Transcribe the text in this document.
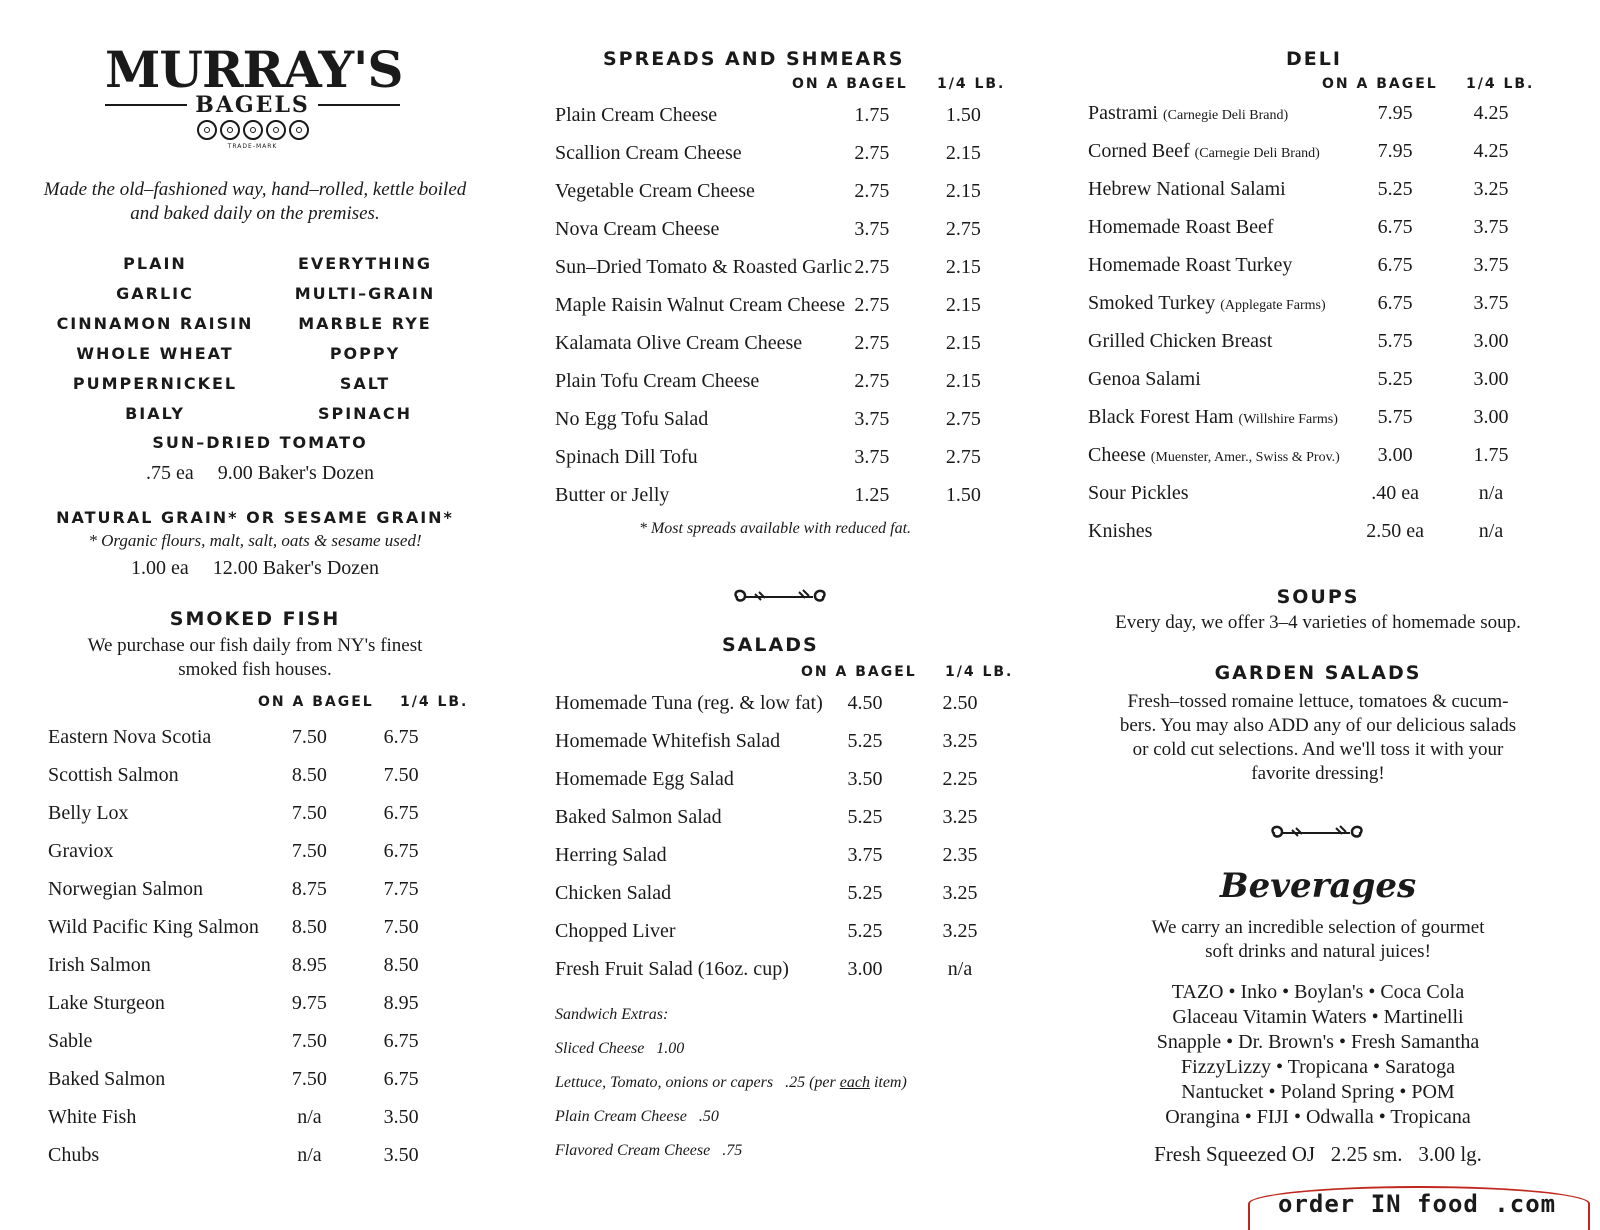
MURRAY'S
BAGELS
TRADE-MARK
Made the old–fashioned way, hand–rolled, kettle boiled and baked daily on the premises.
PLAIN	EVERYTHING
GARLIC	MULTI–GRAIN
CINNAMON RAISIN	MARBLE RYE
WHOLE WHEAT	POPPY
PUMPERNICKEL	SALT
BIALY	SPINACH
SUN–DRIED TOMATO
.75 ea 9.00 Baker's Dozen
NATURAL GRAIN* OR SESAME GRAIN*
* Organic flours, malt, salt, oats & sesame used!
1.00 ea 12.00 Baker's Dozen
SMOKED FISH
We purchase our fish daily from NY's finest smoked fish houses.
ON A BAGEL 1/4 LB.
Eastern Nova Scotia	7.50	6.75
Scottish Salmon	8.50	7.50
Belly Lox	7.50	6.75
Graviox	7.50	6.75
Norwegian Salmon	8.75	7.75
Wild Pacific King Salmon	8.50	7.50
Irish Salmon	8.95	8.50
Lake Sturgeon	9.75	8.95
Sable	7.50	6.75
Baked Salmon	7.50	6.75
White Fish	n/a	3.50
Chubs	n/a	3.50
SPREADS AND SHMEARS
ON A BAGEL 1/4 LB.
Plain Cream Cheese	1.75	1.50
Scallion Cream Cheese	2.75	2.15
Vegetable Cream Cheese	2.75	2.15
Nova Cream Cheese	3.75	2.75
Sun–Dried Tomato & Roasted Garlic	2.75	2.15
Maple Raisin Walnut Cream Cheese	2.75	2.15
Kalamata Olive Cream Cheese	2.75	2.15
Plain Tofu Cream Cheese	2.75	2.15
No Egg Tofu Salad	3.75	2.75
Spinach Dill Tofu	3.75	2.75
Butter or Jelly	1.25	1.50
* Most spreads available with reduced fat.
SALADS
ON A BAGEL 1/4 LB.
Homemade Tuna (reg. & low fat)	4.50	2.50
Homemade Whitefish Salad	5.25	3.25
Homemade Egg Salad	3.50	2.25
Baked Salmon Salad	5.25	3.25
Herring Salad	3.75	2.35
Chicken Salad	5.25	3.25
Chopped Liver	5.25	3.25
Fresh Fruit Salad (16oz. cup)	3.00	n/a
Sandwich Extras:
Sliced Cheese 1.00
Lettuce, Tomato, onions or capers .25 (per each item)
Plain Cream Cheese .50
Flavored Cream Cheese .75
DELI
ON A BAGEL 1/4 LB.
Pastrami (Carnegie Deli Brand)	7.95	4.25
Corned Beef (Carnegie Deli Brand)	7.95	4.25
Hebrew National Salami	5.25	3.25
Homemade Roast Beef	6.75	3.75
Homemade Roast Turkey	6.75	3.75
Smoked Turkey (Applegate Farms)	6.75	3.75
Grilled Chicken Breast	5.75	3.00
Genoa Salami	5.25	3.00
Black Forest Ham (Willshire Farms)	5.75	3.00
Cheese (Muenster, Amer., Swiss & Prov.)	3.00	1.75
Sour Pickles	.40 ea	n/a
Knishes	2.50 ea	n/a
SOUPS
Every day, we offer 3–4 varieties of homemade soup.
GARDEN SALADS
Fresh–tossed romaine lettuce, tomatoes & cucum-
bers. You may also ADD any of our delicious salads
or cold cut selections. And we'll toss it with your
favorite dressing!
Beverages
We carry an incredible selection of gourmet
soft drinks and natural juices!
TAZO • Inko • Boylan's • Coca Cola
Glaceau Vitamin Waters • Martinelli
Snapple • Dr. Brown's • Fresh Samantha
FizzyLizzy • Tropicana • Saratoga
Nantucket • Poland Spring • POM
Orangina • FIJI • Odwalla • Tropicana
Fresh Squeezed OJ 2.25 sm. 3.00 lg.
order IN food .com
